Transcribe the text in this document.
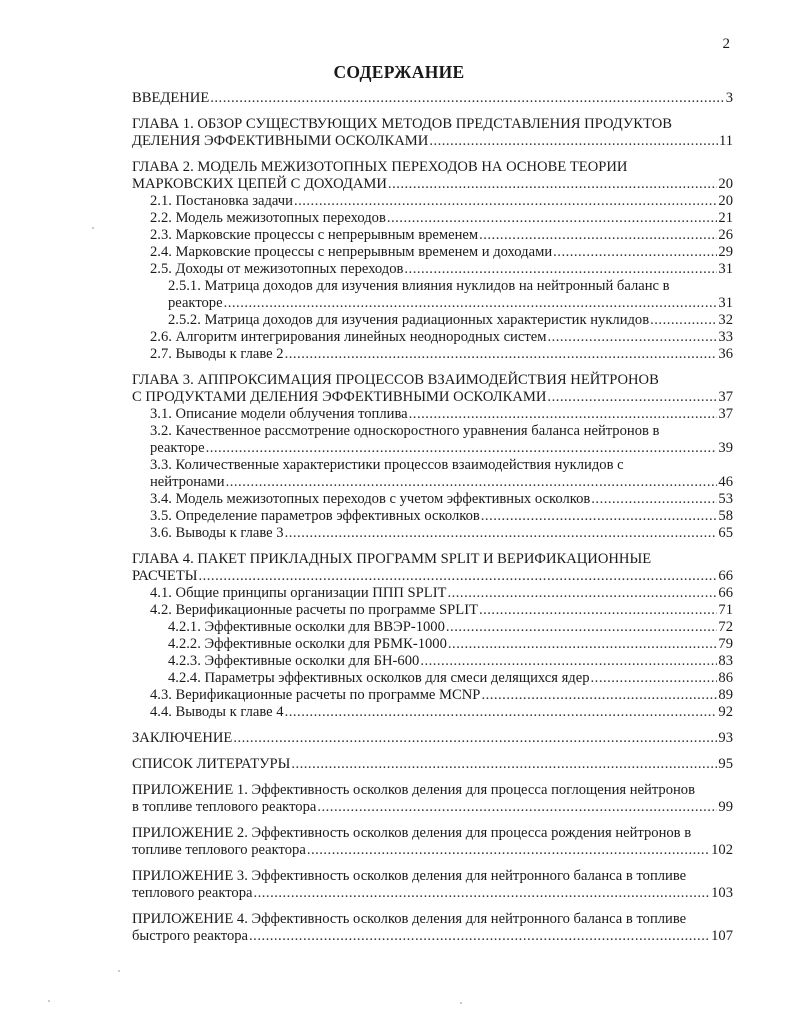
2
СОДЕРЖАНИЕ
ВВЕДЕНИЕ .....	3
ГЛАВА 1. ОБЗОР СУЩЕСТВУЮЩИХ МЕТОДОВ ПРЕДСТАВЛЕНИЯ ПРОДУКТОВ
ДЕЛЕНИЯ ЭФФЕКТИВНЫМИ ОСКОЛКАМИ .....	11
ГЛАВА 2. МОДЕЛЬ МЕЖИЗОТОПНЫХ ПЕРЕХОДОВ НА ОСНОВЕ ТЕОРИИ
МАРКОВСКИХ ЦЕПЕЙ С ДОХОДАМИ .....	20
2.1. Постановка задачи .....	20
2.2. Модель межизотопных переходов .....	21
2.3. Марковские процессы с непрерывным временем .....	26
2.4. Марковские процессы с непрерывным временем и доходами .....	29
2.5. Доходы от межизотопных переходов .....	31
2.5.1. Матрица доходов для изучения влияния нуклидов на нейтронный баланс в
реакторе .....	31
2.5.2. Матрица доходов для изучения радиационных характеристик нуклидов .....	32
2.6. Алгоритм интегрирования линейных неоднородных систем .....	33
2.7. Выводы к главе 2 .....	36
ГЛАВА 3. АППРОКСИМАЦИЯ ПРОЦЕССОВ ВЗАИМОДЕЙСТВИЯ НЕЙТРОНОВ
С ПРОДУКТАМИ ДЕЛЕНИЯ ЭФФЕКТИВНЫМИ ОСКОЛКАМИ .....	37
3.1. Описание модели облучения топлива .....	37
3.2. Качественное рассмотрение односкоростного уравнения баланса нейтронов в
реакторе .....	39
3.3. Количественные характеристики процессов взаимодействия нуклидов с
нейтронами .....	46
3.4. Модель межизотопных переходов с учетом эффективных осколков .....	53
3.5. Определение параметров эффективных осколков .....	58
3.6. Выводы к главе 3 .....	65
ГЛАВА 4. ПАКЕТ ПРИКЛАДНЫХ ПРОГРАММ SPLIT И ВЕРИФИКАЦИОННЫЕ
РАСЧЕТЫ .....	66
4.1. Общие принципы организации ППП SPLIT .....	66
4.2. Верификационные расчеты по программе SPLIT .....	71
4.2.1. Эффективные осколки для ВВЭР-1000 .....	72
4.2.2. Эффективные осколки для РБМК-1000 .....	79
4.2.3. Эффективные осколки для БН-600 .....	83
4.2.4. Параметры эффективных осколков для смеси делящихся ядер .....	86
4.3. Верификационные расчеты по программе MCNP .....	89
4.4. Выводы к главе 4 .....	92
ЗАКЛЮЧЕНИЕ .....	93
СПИСОК ЛИТЕРАТУРЫ .....	95
ПРИЛОЖЕНИЕ 1. Эффективность осколков деления для процесса поглощения нейтронов
в топливе теплового реактора .....	99
ПРИЛОЖЕНИЕ 2. Эффективность осколков деления для процесса рождения нейтронов в
топливе теплового реактора .....	102
ПРИЛОЖЕНИЕ 3. Эффективность осколков деления для нейтронного баланса в топливе
теплового реактора .....	103
ПРИЛОЖЕНИЕ 4. Эффективность осколков деления для нейтронного баланса в топливе
быстрого реактора .....	107
